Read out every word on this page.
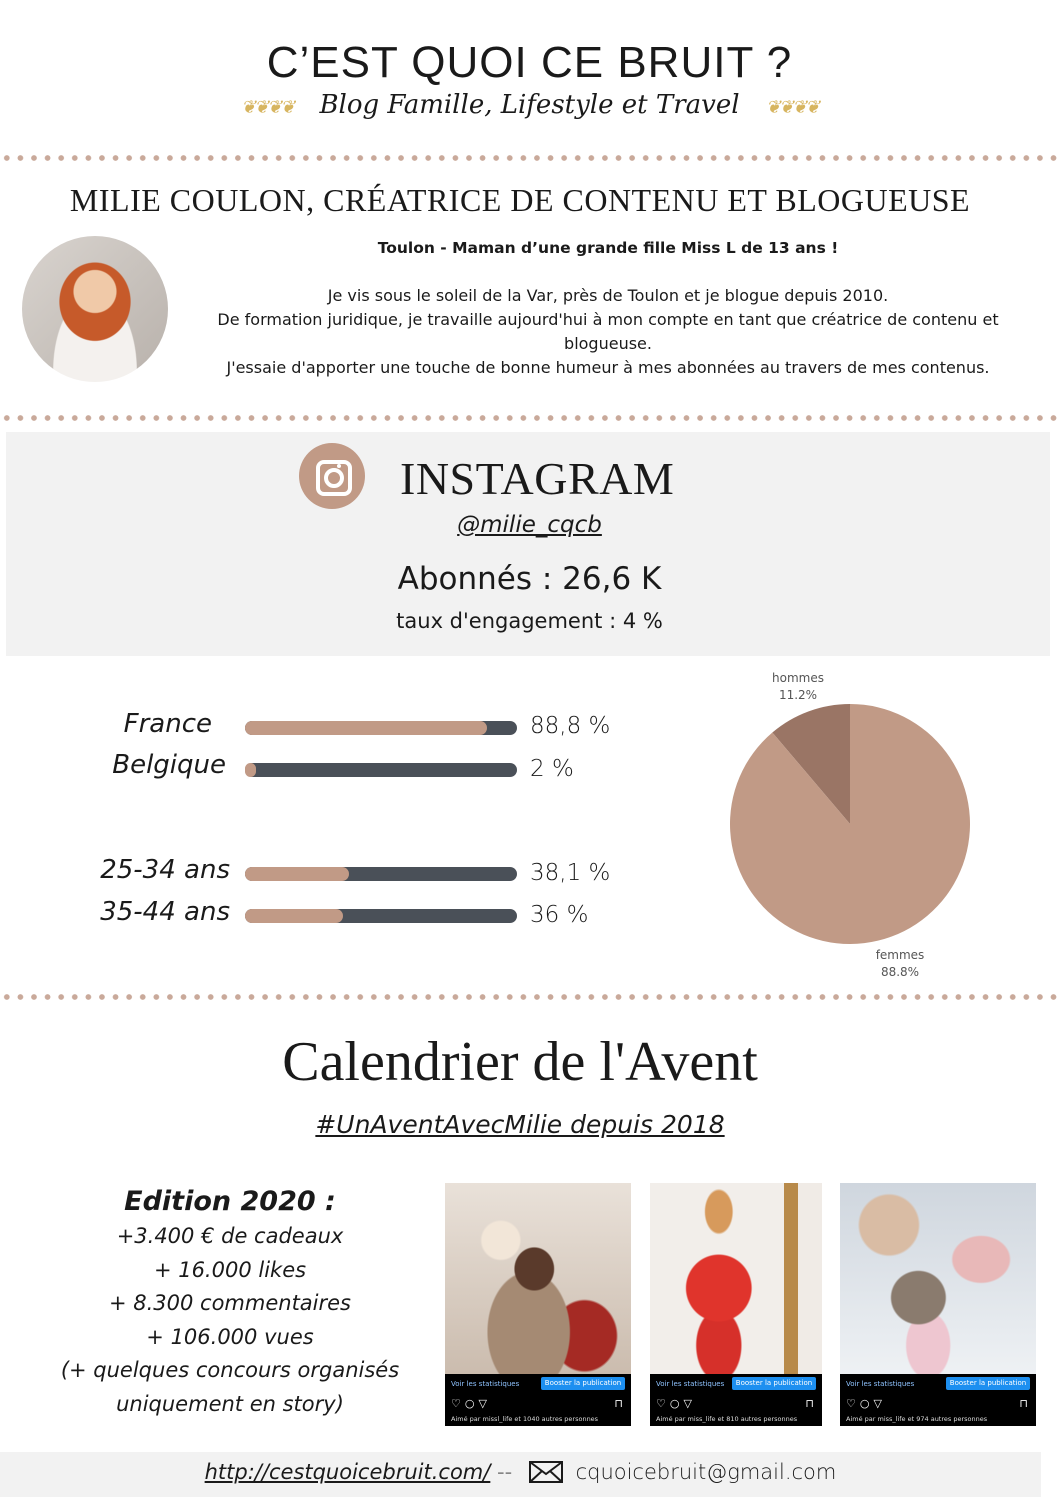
C’EST QUOI CE BRUIT ?
❦❦❦❦ Blog Famille, Lifestyle et Travel ❦❦❦❦
MILIE COULON, CRÉATRICE DE CONTENU ET BLOGUEUSE

Toulon - Maman d’une grande fille Miss L de 13 ans !

Je vis sous le soleil de la Var, près de Toulon et je blogue depuis 2010.

De formation juridique, je travaille aujourd'hui à mon compte en tant que créatrice de contenu et blogueuse.

J'essaie d'apporter une touche de bonne humeur à mes abonnées au travers de mes contenus.

INSTAGRAM
@milie_cqcb
Abonnés : 26,6 K
taux d'engagement : 4 %
France	88,8 %
Belgique	2 %
25-34 ans	38,1 %
35-44 ans	36 %
hommes
11.2%
femmes
88.8%
Calendrier de l'Avent
#UnAventAvecMilie depuis 2018
Edition 2020 :
+3.400 € de cadeaux
+ 16.000 likes
+ 8.300 commentaires
+ 106.000 vues
(+ quelques concours organisés
uniquement en story)
Voir les statistiques	Booster la publication
♡○▽	⊓
Aimé par missl_life et 1040 autres personnes
Voir les statistiques	Booster la publication
♡○▽	⊓
Aimé par miss_life et 810 autres personnes
Voir les statistiques	Booster la publication
♡○▽	⊓
Aimé par miss_life et 974 autres personnes
http://cestquoicebruit.com/ --	cquoicebruit@gmail.com
